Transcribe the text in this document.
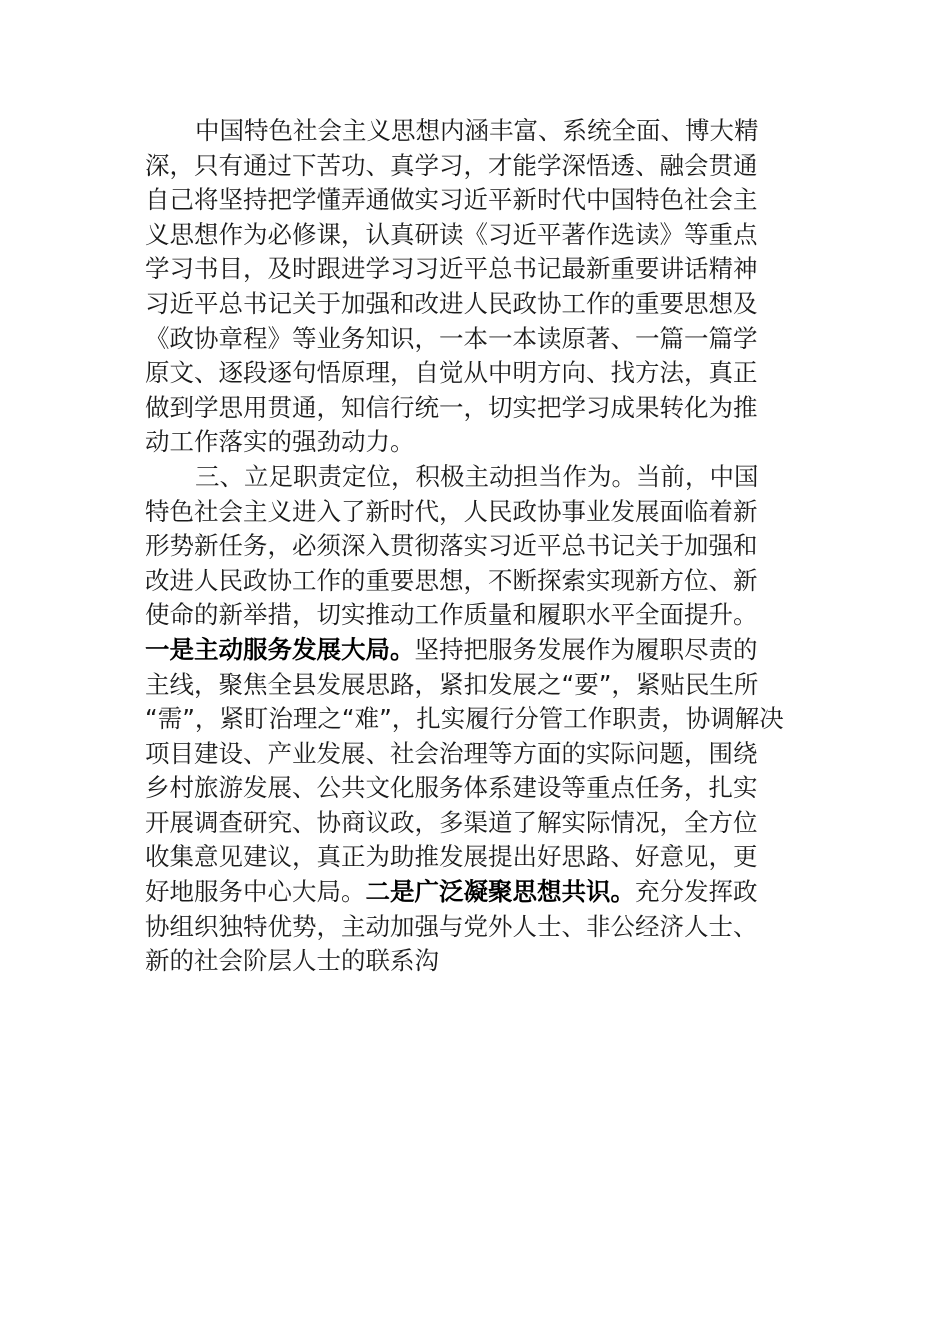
中国特色社会主义思想内涵丰富、系统全面、博大精
深，只有通过下苦功、真学习，才能学深悟透、融会贯通
自己将坚持把学懂弄通做实习近平新时代中国特色社会主
义思想作为必修课，认真研读《习近平著作选读》等重点
学习书目，及时跟进学习习近平总书记最新重要讲话精神
习近平总书记关于加强和改进人民政协工作的重要思想及
《政协章程》等业务知识，一本一本读原著、一篇一篇学
原文、逐段逐句悟原理，自觉从中明方向、找方法，真正
做到学思用贯通，知信行统一，切实把学习成果转化为推
动工作落实的强劲动力。
三、立足职责定位，积极主动担当作为。当前，中国
特色社会主义进入了新时代，人民政协事业发展面临着新
形势新任务，必须深入贯彻落实习近平总书记关于加强和
改进人民政协工作的重要思想，不断探索实现新方位、新
使命的新举措，切实推动工作质量和履职水平全面提升。
一是主动服务发展大局。坚持把服务发展作为履职尽责的
主线，聚焦全县发展思路，紧扣发展之“要”，紧贴民生所
“需”，紧盯治理之“难”，扎实履行分管工作职责，协调解决
项目建设、产业发展、社会治理等方面的实际问题，围绕
乡村旅游发展、公共文化服务体系建设等重点任务，扎实
开展调查研究、协商议政，多渠道了解实际情况，全方位
收集意见建议，真正为助推发展提出好思路、好意见，更
好地服务中心大局。二是广泛凝聚思想共识。充分发挥政
协组织独特优势，主动加强与党外人士、非公经济人士、
新的社会阶层人士的联系沟
